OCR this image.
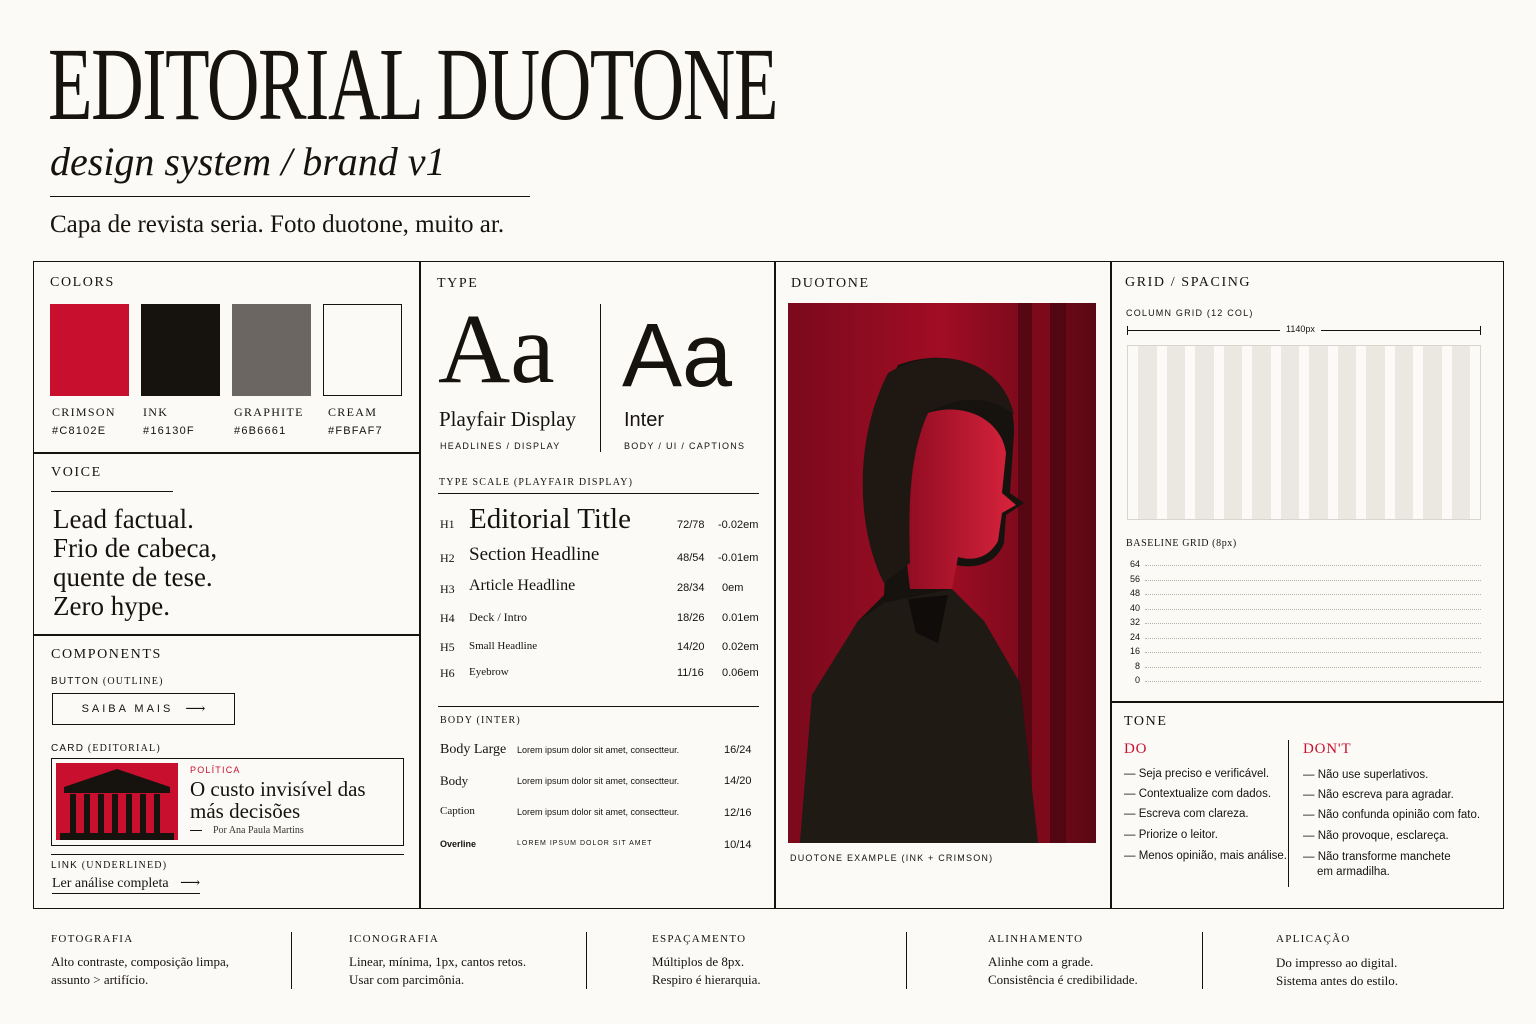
EDITORIAL DUOTONE
design system / brand v1
Capa de revista seria. Foto duotone, muito ar.
COLORS
CRIMSON INK	GRAPHITE CREAM
#C8102E	#16130F	#6B6661	#FBFAF7
VOICE
Lead factual.
Frio de cabeca,
quente de tese.
Zero hype.
COMPONENTS
BUTTON (OUTLINE)
SAIBA MAIS ⟶
CARD (EDITORIAL)
POLÍTICA
O custo invisível das
más decisões
Por Ana Paula Martins
LINK (UNDERLINED)
Ler análise completa ⟶
TYPE
Aa
Playfair Display
HEADLINES / DISPLAY
Aa
Inter
BODY / UI / CAPTIONS
TYPE SCALE (PLAYFAIR DISPLAY)
H1 Editorial Title	72/78 -0.02em
H2 Section Headline	48/54 -0.01em
H3 Article Headline	28/34 0em
H4 Deck / Intro	18/26 0.01em
H5 Small Headline	14/20 0.02em
H6 Eyebrow	11/16 0.06em
BODY (INTER)
Body Large Lorem ipsum dolor sit amet, consectteur.	16/24
Body	Lorem ipsum dolor sit amet, consectteur.	14/20
Caption	Lorem ipsum dolor sit amet, consectteur.	12/16
Overline	LOREM IPSUM DOLOR SIT AMET	10/14
DUOTONE
DUOTONE EXAMPLE (INK + CRIMSON)
GRID / SPACING
COLUMN GRID (12 COL)
1140px
BASELINE GRID (8px)
64
56
48
40
32
24
16
8
0
TONE
DO	DON'T
— Seja preciso e verificável.
— Contextualize com dados.
— Escreva com clareza.
— Priorize o leitor.
— Menos opinião, mais análise.
— Não use superlativos.
— Não escreva para agradar.
— Não confunda opinião com fato.
— Não provoque, esclareça.
— Não transforme manchete
em armadilha.
FOTOGRAFIA
Alto contraste, composição limpa,
assunto > artifício.
ICONOGRAFIA
Linear, mínima, 1px, cantos retos.
Usar com parcimônia.
ESPAÇAMENTO
Múltiplos de 8px.
Respiro é hierarquia.
ALINHAMENTO
Alinhe com a grade.
Consistência é credibilidade.
APLICAÇÃO
Do impresso ao digital.
Sistema antes do estilo.
